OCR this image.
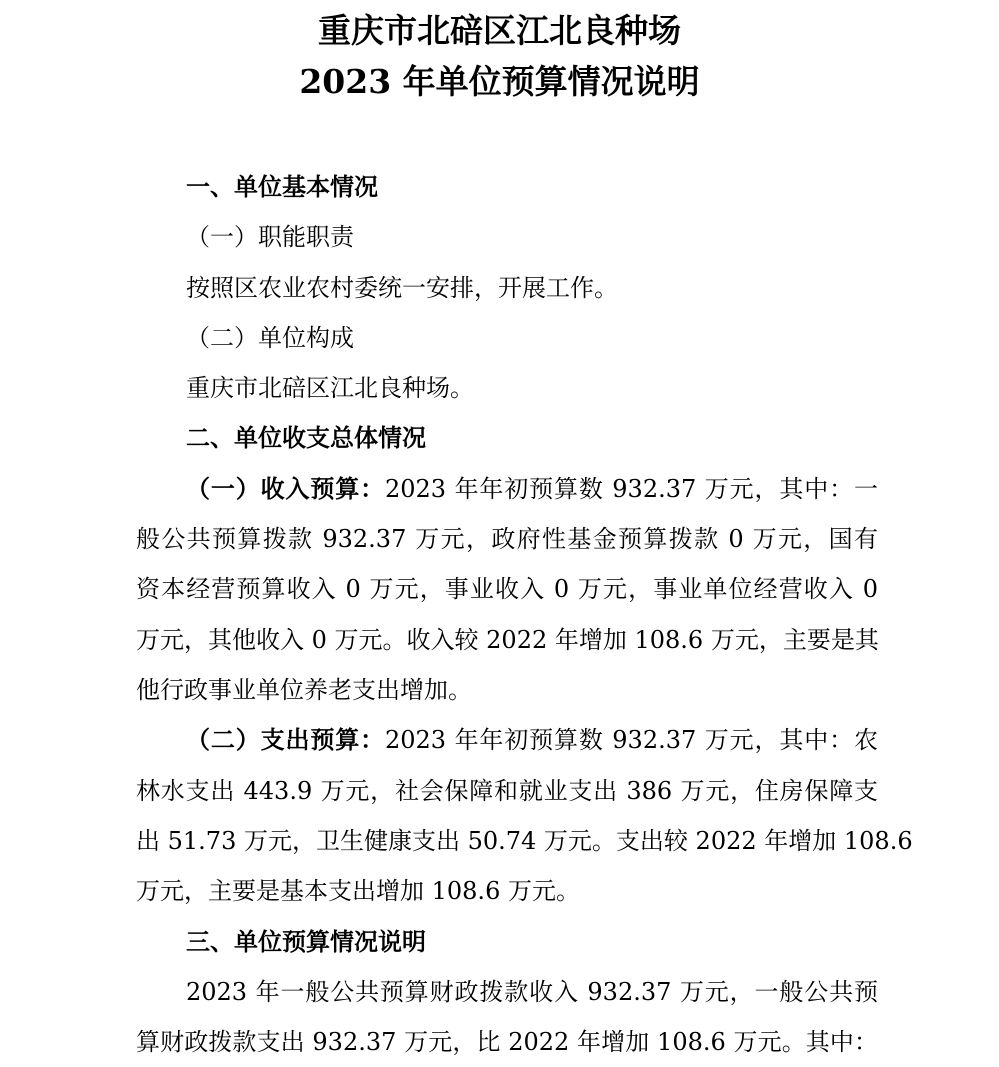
重庆市北碚区江北良种场
2023 年单位预算情况说明
一、单位基本情况
（一）职能职责
按照区农业农村委统一安排，开展工作。
（二）单位构成
重庆市北碚区江北良种场。
二、单位收支总体情况
（一）收入预算：2023 年年初预算数 932.37 万元，其中：一
般公共预算拨款 932.37 万元，政府性基金预算拨款 0 万元，国有
资本经营预算收入 0 万元，事业收入 0 万元，事业单位经营收入 0
万元，其他收入 0 万元。收入较 2022 年增加 108.6 万元，主要是其
他行政事业单位养老支出增加。
（二）支出预算：2023 年年初预算数 932.37 万元，其中：农
林水支出 443.9 万元，社会保障和就业支出 386 万元，住房保障支
出 51.73 万元，卫生健康支出 50.74 万元。支出较 2022 年增加 108.6
万元，主要是基本支出增加 108.6 万元。
三、单位预算情况说明
2023 年一般公共预算财政拨款收入 932.37 万元，一般公共预
算财政拨款支出 932.37 万元，比 2022 年增加 108.6 万元。其中：
